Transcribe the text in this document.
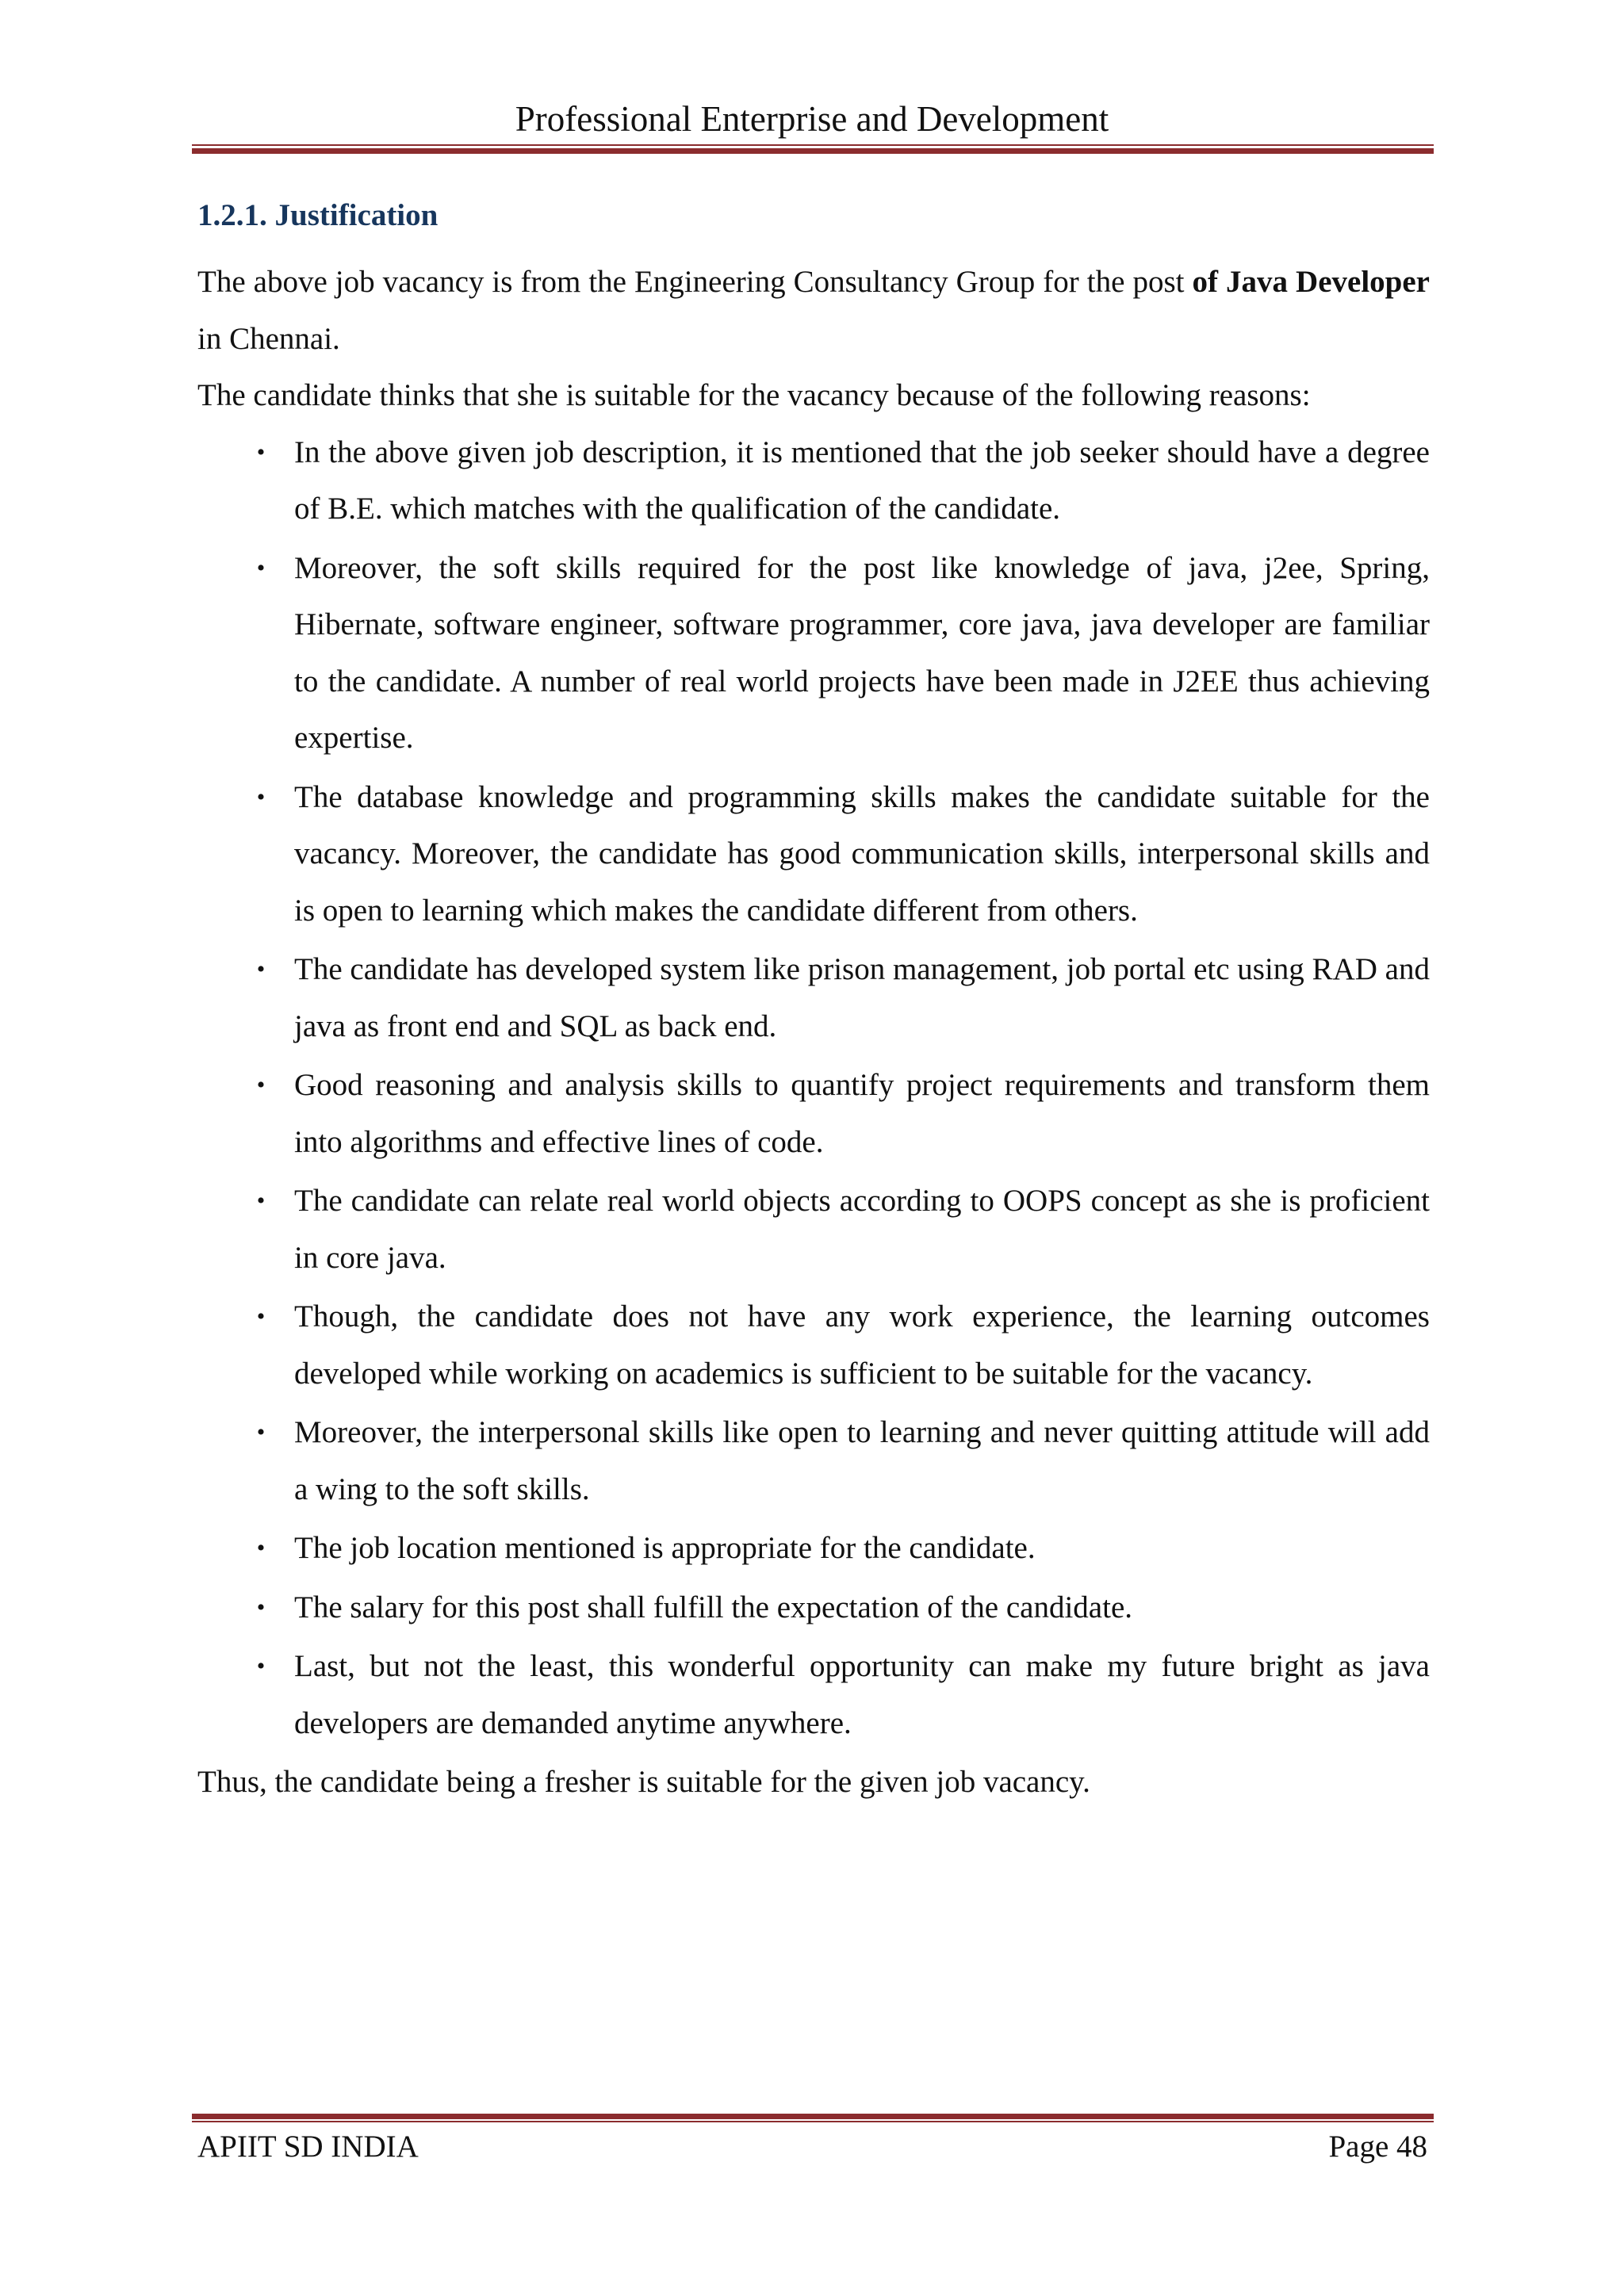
Professional Enterprise and Development
1.2.1. Justification

The above job vacancy is from the Engineering Consultancy Group for the post of Java Developer in Chennai.

The candidate thinks that she is suitable for the vacancy because of the following reasons:

• In the above given job description, it is mentioned that the job seeker should have a degree of B.E. which matches with the qualification of the candidate.
• Moreover, the soft skills required for the post like knowledge of java, j2ee, Spring, Hibernate, software engineer, software programmer, core java, java developer are familiar to the candidate. A number of real world projects have been made in J2EE thus achieving expertise.
• The database knowledge and programming skills makes the candidate suitable for the vacancy. Moreover, the candidate has good communication skills, interpersonal skills and is open to learning which makes the candidate different from others.
• The candidate has developed system like prison management, job portal etc using RAD and java as front end and SQL as back end.
• Good reasoning and analysis skills to quantify project requirements and transform them into algorithms and effective lines of code.
• The candidate can relate real world objects according to OOPS concept as she is proficient in core java.
• Though, the candidate does not have any work experience, the learning outcomes developed while working on academics is sufficient to be suitable for the vacancy.
• Moreover, the interpersonal skills like open to learning and never quitting attitude will add a wing to the soft skills.
• The job location mentioned is appropriate for the candidate.
• The salary for this post shall fulfill the expectation of the candidate.
• Last, but not the least, this wonderful opportunity can make my future bright as java developers are demanded anytime anywhere.

Thus, the candidate being a fresher is suitable for the given job vacancy.

APIIT SD INDIA	Page 48
